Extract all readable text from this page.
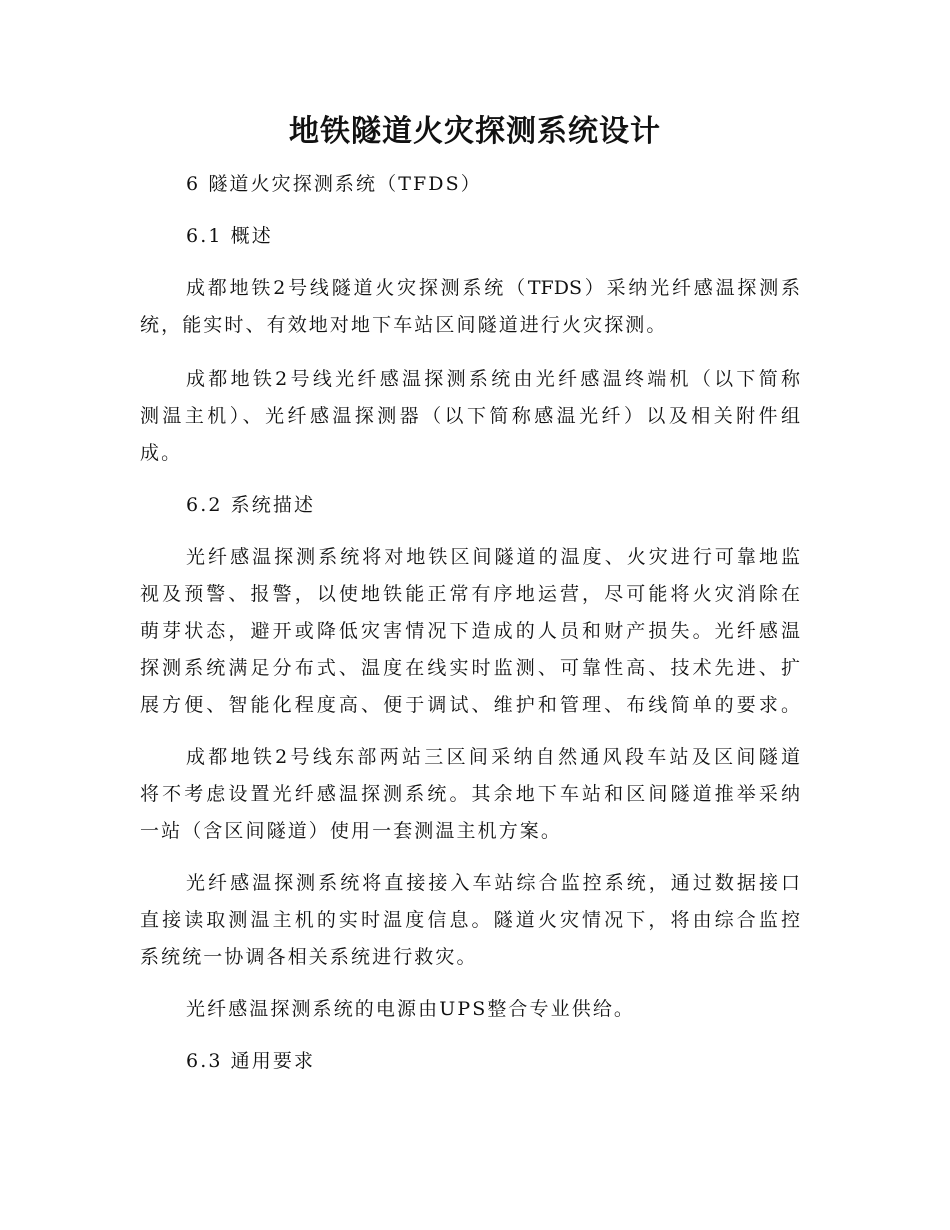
地铁隧道火灾探测系统设计
6 隧道火灾探测系统（TFDS）
6.1 概述
成都地铁2号线隧道火灾探测系统（TFDS）采纳光纤感温探测系
统，能实时、有效地对地下车站区间隧道进行火灾探测。
成都地铁2号线光纤感温探测系统由光纤感温终端机（以下简称
测温主机）、光纤感温探测器（以下简称感温光纤）以及相关附件组
成。
6.2 系统描述
光纤感温探测系统将对地铁区间隧道的温度、火灾进行可靠地监
视及预警、报警，以使地铁能正常有序地运营，尽可能将火灾消除在
萌芽状态，避开或降低灾害情况下造成的人员和财产损失。光纤感温
探测系统满足分布式、温度在线实时监测、可靠性高、技术先进、扩
展方便、智能化程度高、便于调试、维护和管理、布线简单的要求。
成都地铁2号线东部两站三区间采纳自然通风段车站及区间隧道
将不考虑设置光纤感温探测系统。其余地下车站和区间隧道推举采纳
一站（含区间隧道）使用一套测温主机方案。
光纤感温探测系统将直接接入车站综合监控系统，通过数据接口
直接读取测温主机的实时温度信息。隧道火灾情况下，将由综合监控
系统统一协调各相关系统进行救灾。
光纤感温探测系统的电源由UPS整合专业供给。
6.3 通用要求
